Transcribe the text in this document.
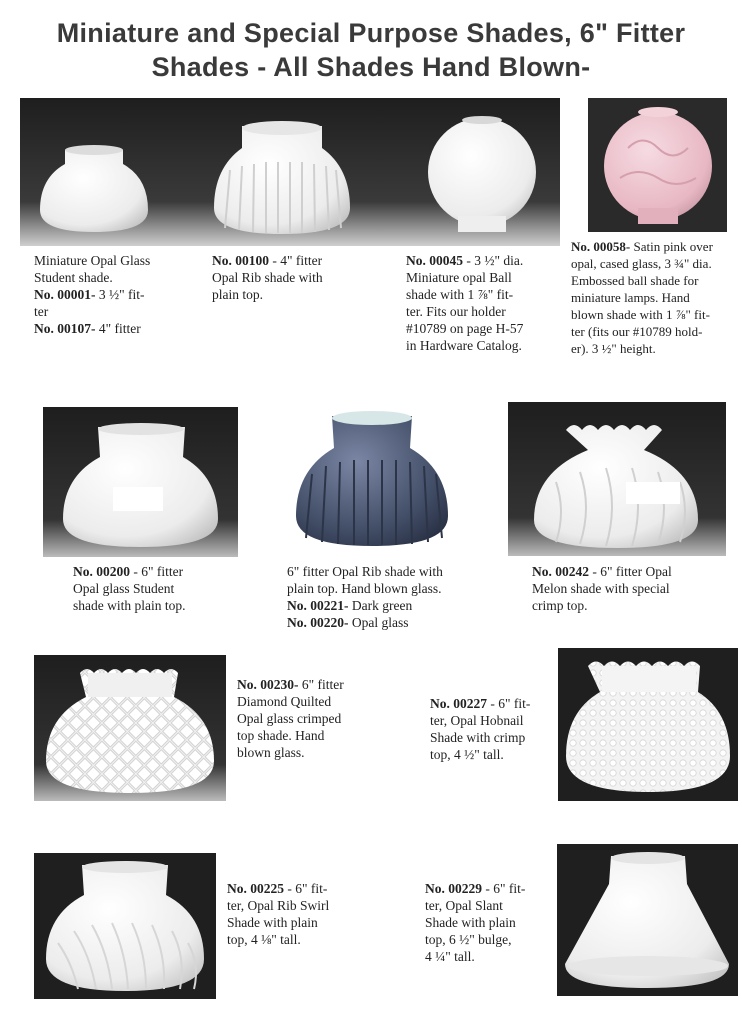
Miniature and Special Purpose Shades, 6" Fitter
Shades - All Shades Hand Blown-
Miniature Opal Glass
Student shade.
No. 00001- 3 ½" fit-
ter
No. 00107- 4" fitter
No. 00100 - 4" fitter
Opal Rib shade with
plain top.
No. 00045 - 3 ½" dia.
Miniature opal Ball
shade with 1 ⅞" fit-
ter. Fits our holder
#10789 on page H-57
in Hardware Catalog.
No. 00058- Satin pink over
opal, cased glass, 3 ¾" dia.
Embossed ball shade for
miniature lamps. Hand
blown shade with 1 ⅞" fit-
ter (fits our #10789 hold-
er). 3 ½" height.
No. 00200 - 6" fitter
Opal glass Student
shade with plain top.
6" fitter Opal Rib shade with
plain top. Hand blown glass.
No. 00221- Dark green
No. 00220- Opal glass
No. 00242 - 6" fitter Opal
Melon shade with special
crimp top.
No. 00230- 6" fitter
Diamond Quilted
Opal glass crimped
top shade. Hand
blown glass.
No. 00227 - 6" fit-
ter, Opal Hobnail
Shade with crimp
top, 4 ½" tall.
No. 00225 - 6" fit-
ter, Opal Rib Swirl
Shade with plain
top, 4 ⅛" tall.
No. 00229 - 6" fit-
ter, Opal Slant
Shade with plain
top, 6 ½" bulge,
4 ¼" tall.
